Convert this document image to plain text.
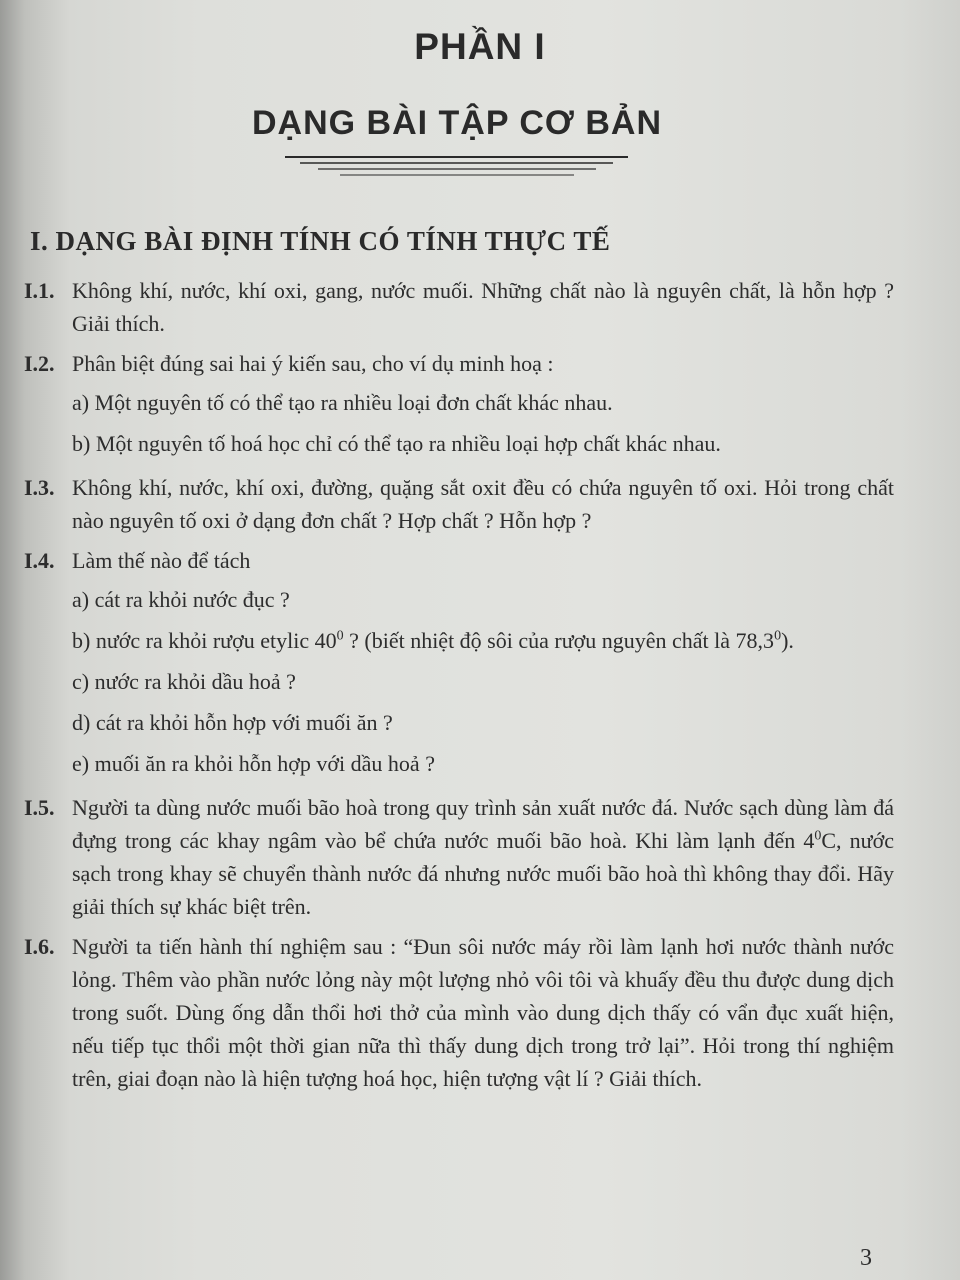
PHẦN I
DẠNG BÀI TẬP CƠ BẢN
I. DẠNG BÀI ĐỊNH TÍNH CÓ TÍNH THỰC TẾ

I.1. Không khí, nước, khí oxi, gang, nước muối. Những chất nào là nguyên chất, là hỗn hợp ? Giải thích.

I.2. Phân biệt đúng sai hai ý kiến sau, cho ví dụ minh hoạ :

a) Một nguyên tố có thể tạo ra nhiều loại đơn chất khác nhau.

b) Một nguyên tố hoá học chỉ có thể tạo ra nhiều loại hợp chất khác nhau.

I.3. Không khí, nước, khí oxi, đường, quặng sắt oxit đều có chứa nguyên tố oxi. Hỏi trong chất nào nguyên tố oxi ở dạng đơn chất ? Hợp chất ? Hỗn hợp ?

I.4. Làm thế nào để tách

a) cát ra khỏi nước đục ?

b) nước ra khỏi rượu etylic $40^0$ ? (biết nhiệt độ sôi của rượu nguyên chất là 78,3$^0$).

c) nước ra khỏi dầu hoả ?

d) cát ra khỏi hỗn hợp với muối ăn ?

e) muối ăn ra khỏi hỗn hợp với dầu hoả ?

I.5. Người ta dùng nước muối bão hoà trong quy trình sản xuất nước đá. Nước sạch dùng làm đá đựng trong các khay ngâm vào bể chứa nước muối bão hoà. Khi làm lạnh đến $4^0C$, nước sạch trong khay sẽ chuyển thành nước đá nhưng nước muối bão hoà thì không thay đổi. Hãy giải thích sự khác biệt trên.

I.6. Người ta tiến hành thí nghiệm sau : “Đun sôi nước máy rồi làm lạnh hơi nước thành nước lỏng. Thêm vào phần nước lỏng này một lượng nhỏ vôi tôi và khuấy đều thu được dung dịch trong suốt. Dùng ống dẫn thổi hơi thở của mình vào dung dịch thấy có vẩn đục xuất hiện, nếu tiếp tục thổi một thời gian nữa thì thấy dung dịch trong trở lại”. Hỏi trong thí nghiệm trên, giai đoạn nào là hiện tượng hoá học, hiện tượng vật lí ? Giải thích.

3
